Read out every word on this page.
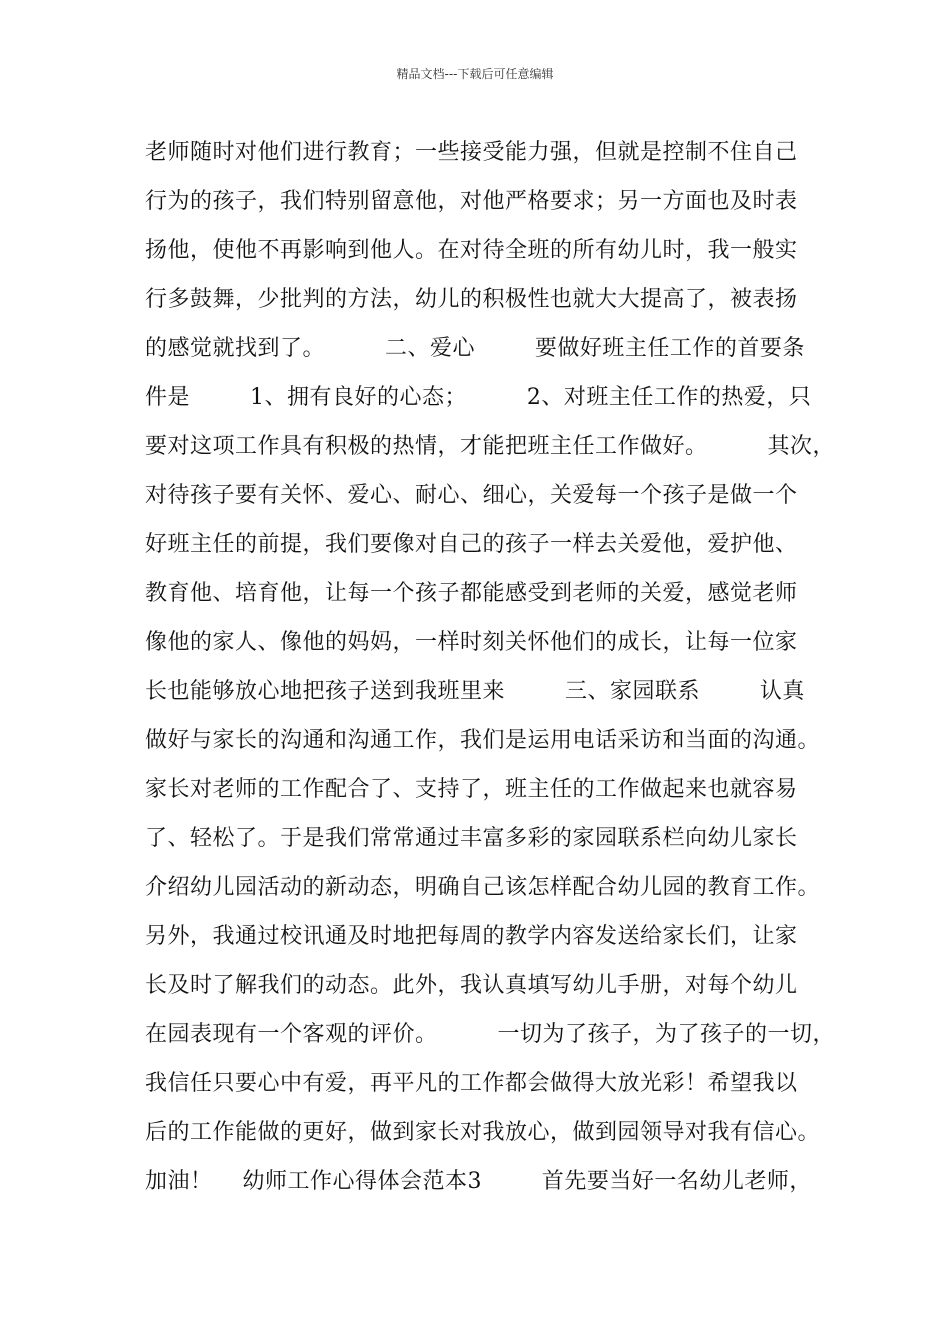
精品文档---下载后可任意编辑
老师随时对他们进行教育；一些接受能力强，但就是控制不住自己
行为的孩子，我们特别留意他，对他严格要求；另一方面也及时表
扬他，使他不再影响到他人。在对待全班的所有幼儿时，我一般实
行多鼓舞，少批判的方法，幼儿的积极性也就大大提高了，被表扬
的感觉就找到了。        二、爱心        要做好班主任工作的首要条
件是        1、拥有良好的心态；        2、对班主任工作的热爱，只
要对这项工作具有积极的热情，才能把班主任工作做好。        其次，
对待孩子要有关怀、爱心、耐心、细心，关爱每一个孩子是做一个
好班主任的前提，我们要像对自己的孩子一样去关爱他，爱护他、
教育他、培育他，让每一个孩子都能感受到老师的关爱，感觉老师
像他的家人、像他的妈妈，一样时刻关怀他们的成长，让每一位家
长也能够放心地把孩子送到我班里来        三、家园联系        认真
做好与家长的沟通和沟通工作，我们是运用电话采访和当面的沟通。
家长对老师的工作配合了、支持了，班主任的工作做起来也就容易
了、轻松了。于是我们常常通过丰富多彩的家园联系栏向幼儿家长
介绍幼儿园活动的新动态，明确自己该怎样配合幼儿园的教育工作。
另外，我通过校讯通及时地把每周的教学内容发送给家长们，让家
长及时了解我们的动态。此外，我认真填写幼儿手册，对每个幼儿
在园表现有一个客观的评价。        一切为了孩子，为了孩子的一切，
我信任只要心中有爱，再平凡的工作都会做得大放光彩！希望我以
后的工作能做的更好，做到家长对我放心，做到园领导对我有信心。
加油！    幼师工作心得体会范本3        首先要当好一名幼儿老师，
